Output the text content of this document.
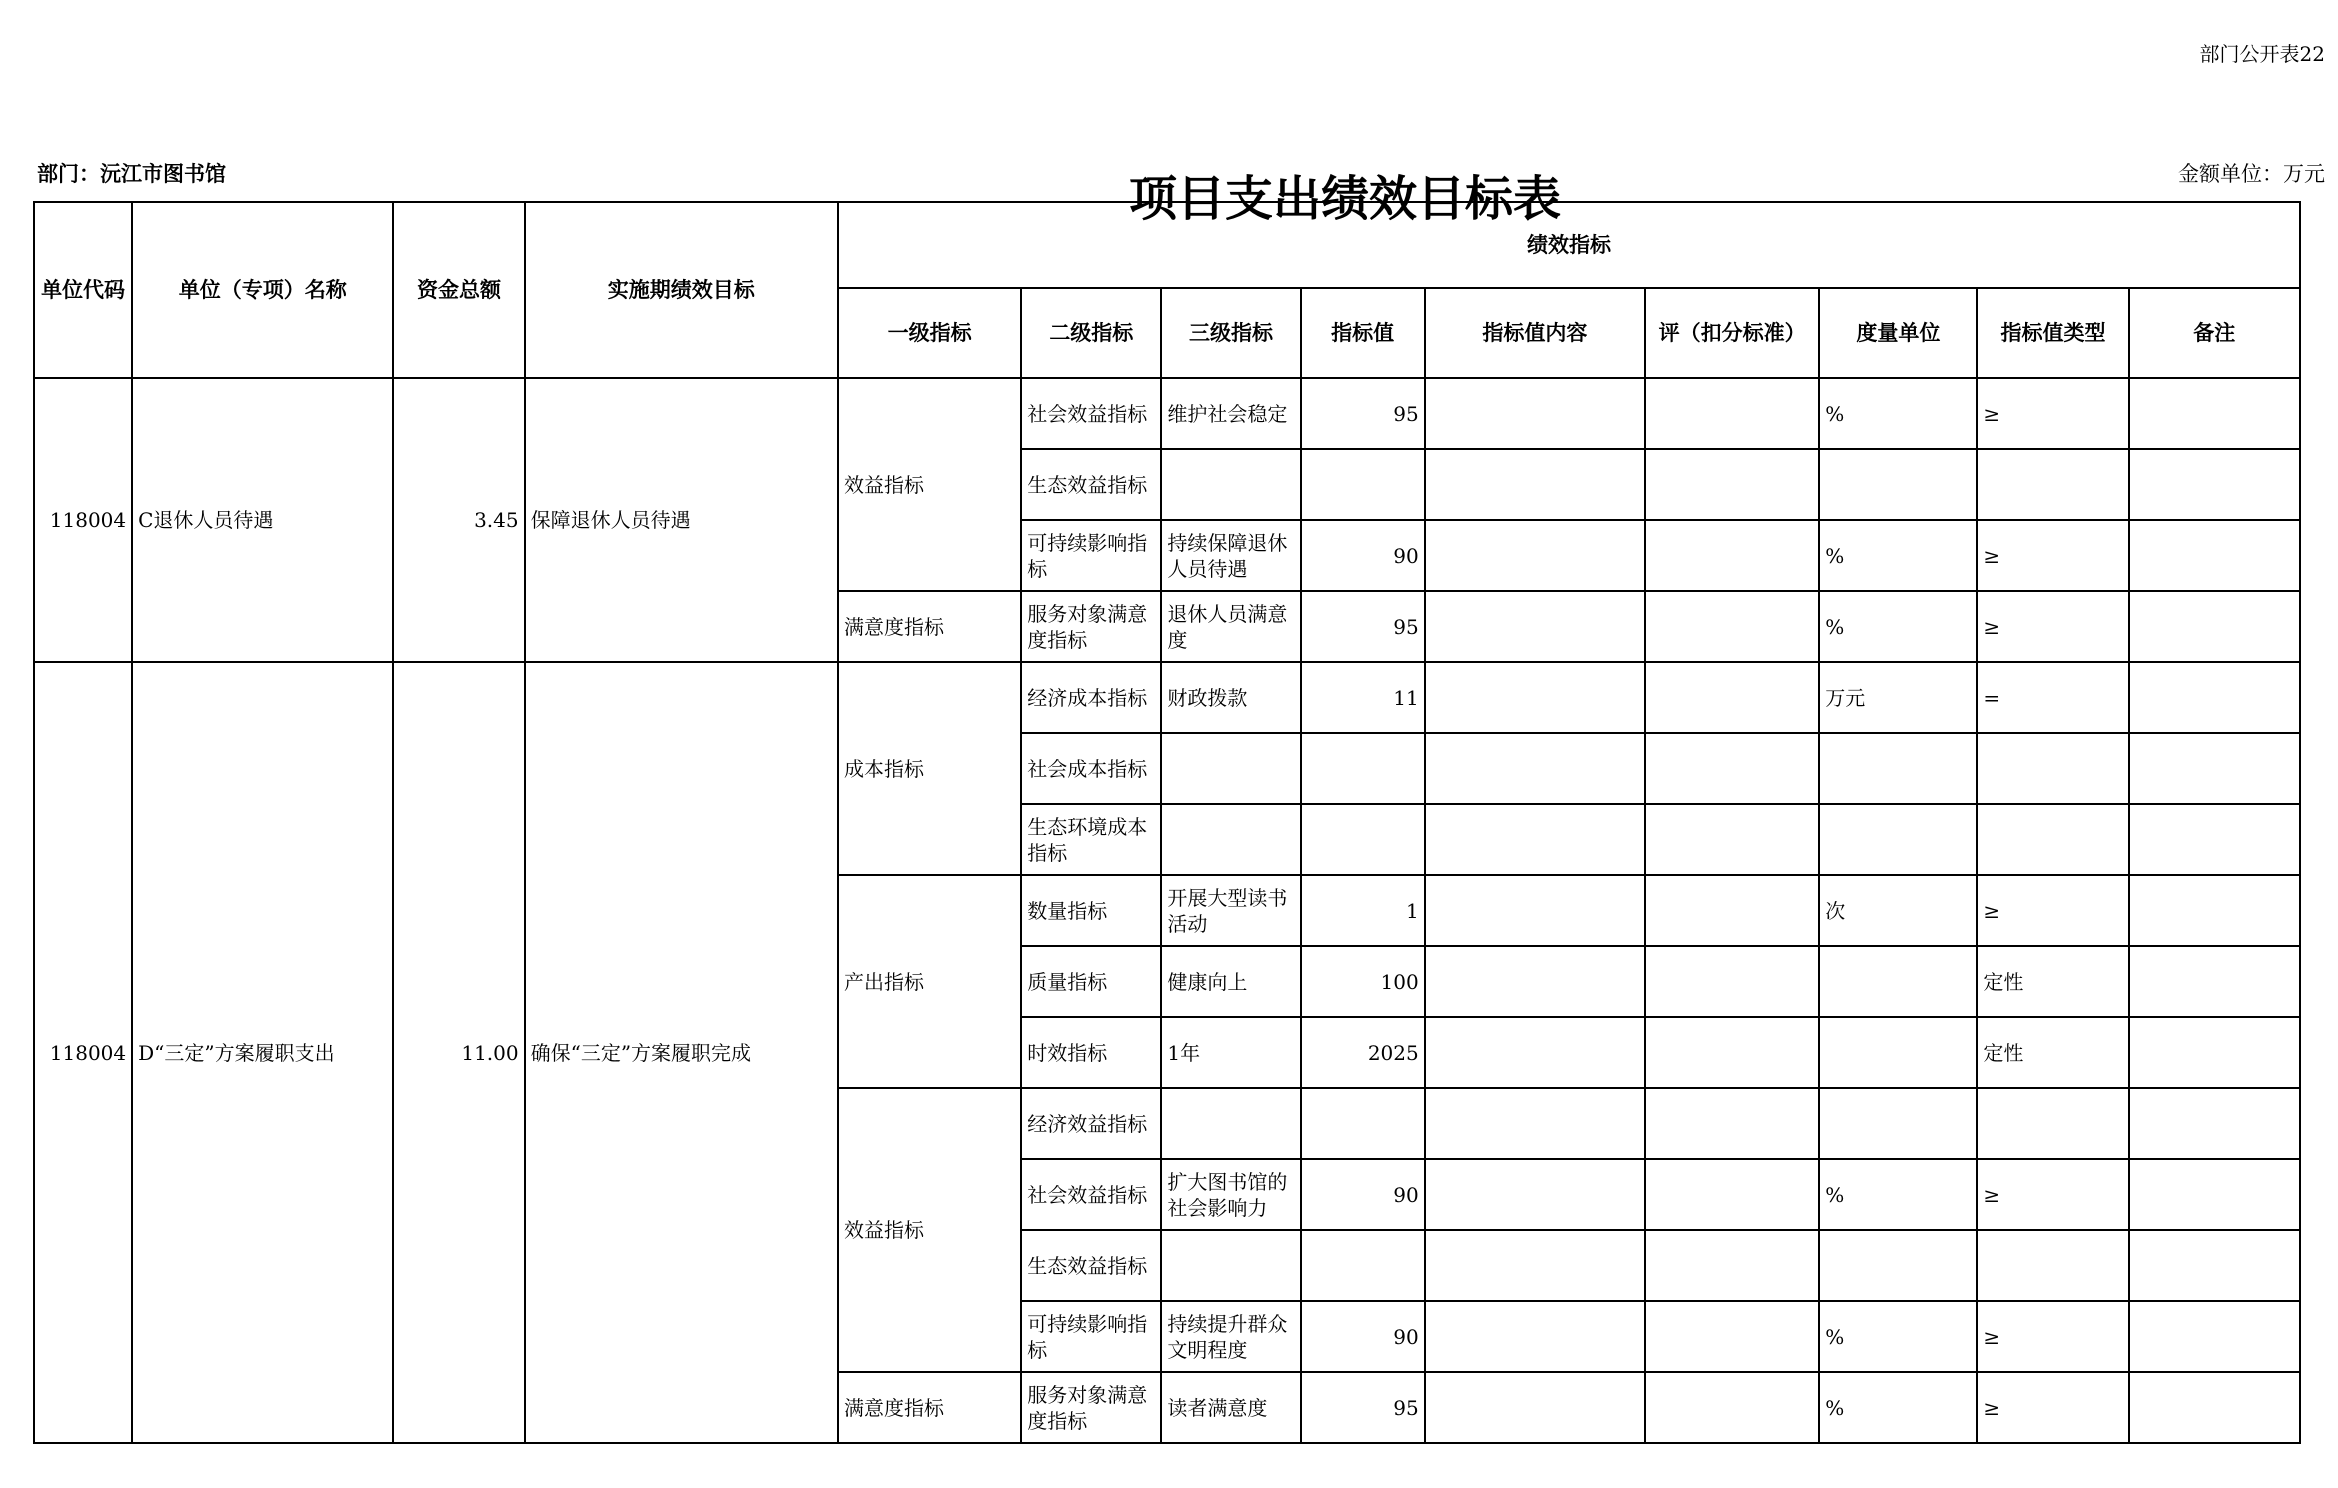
部门公开表22
项目支出绩效目标表
部门：沅江市图书馆	金额单位：万元
单位代码	单位（专项）名称	资金总额	实施期绩效目标	绩效指标								
				一级指标	二级指标	三级指标	指标值	指标值内容	评（扣分标准）	度量单位	指标值类型	备注
118004	C退休人员待遇	3.45	保障退休人员待遇	效益指标	社会效益指标	维护社会稳定	95			%	≥	
					生态效益指标							
					可持续影响指标	持续保障退休人员待遇	90			%	≥	
				满意度指标	服务对象满意度指标	退休人员满意度	95			%	≥	
118004	D“三定”方案履职支出	11.00	确保“三定”方案履职完成	成本指标	经济成本指标	财政拨款	11			万元	=	
					社会成本指标							
					生态环境成本指标							
				产出指标	数量指标	开展大型读书活动	1			次	≥	
					质量指标	健康向上	100				定性	
					时效指标	1年	2025				定性	
				效益指标	经济效益指标							
					社会效益指标	扩大图书馆的社会影响力	90			%	≥	
					生态效益指标							
					可持续影响指标	持续提升群众文明程度	90			%	≥	
				满意度指标	服务对象满意度指标	读者满意度	95			%	≥	
